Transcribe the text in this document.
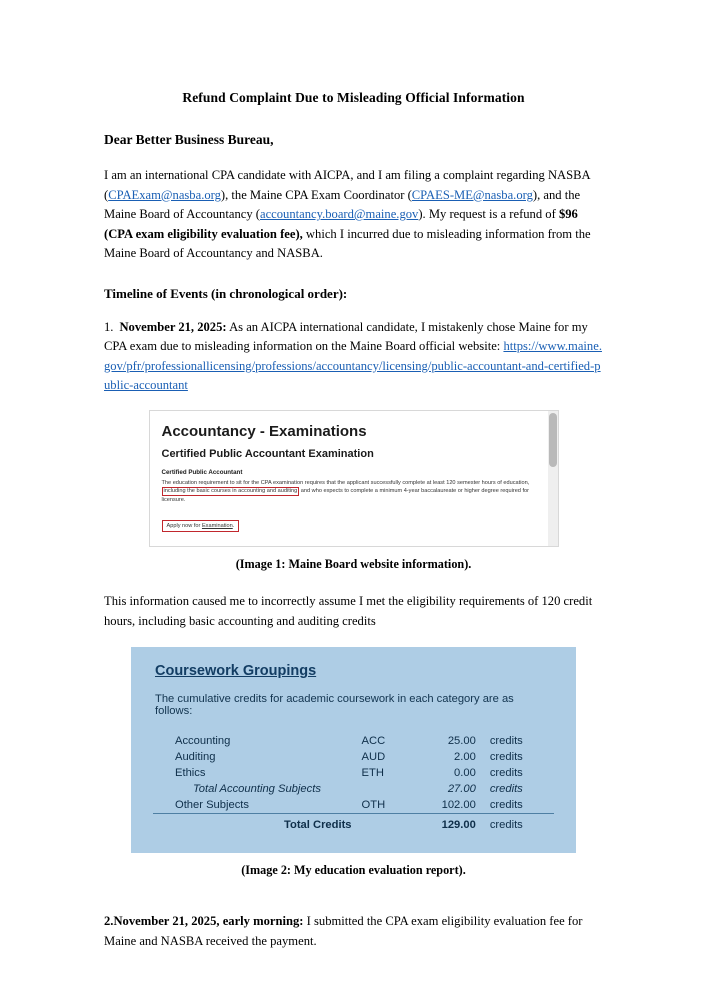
Refund Complaint Due to Misleading Official Information
Dear Better Business Bureau,

I am an international CPA candidate with AICPA, and I am filing a complaint regarding NASBA (CPAExam@nasba.org), the Maine CPA Exam Coordinator (CPAES-ME@nasba.org), and the Maine Board of Accountancy (accountancy.board@maine.gov). My request is a refund of $96 (CPA exam eligibility evaluation fee), which I incurred due to misleading information from the Maine Board of Accountancy and NASBA.

Timeline of Events (in chronological order):
1. November 21, 2025: As an AICPA international candidate, I mistakenly chose Maine for my CPA exam due to misleading information on the Maine Board official website: https://www.maine.gov/pfr/professionallicensing/professions/accountancy/licensing/public-accountant-and-certified-public-accountant
Accountancy - Examinations
Certified Public Accountant Examination
Certified Public Accountant
The education requirement to sit for the CPA examination requires that the applicant successfully complete at least 120 semester hours of education, including the basic courses in accounting and auditing and who expects to complete a minimum 4-year baccalaureate or higher degree required for licensure.
Apply now for Examination.
(Image 1: Maine Board website information).

This information caused me to incorrectly assume I met the eligibility requirements of 120 credit hours, including basic accounting and auditing credits

Coursework Groupings
The cumulative credits for academic coursework in each category are as follows:
Accounting	ACC	25.00	credits
Auditing	AUD	2.00	credits
Ethics	ETH	0.00	credits
Total Accounting Subjects		27.00	credits
Other Subjects	OTH	102.00	credits
Total Credits		129.00	credits
(Image 2: My education evaluation report).

2.November 21, 2025, early morning: I submitted the CPA exam eligibility evaluation fee for Maine and NASBA received the payment.
